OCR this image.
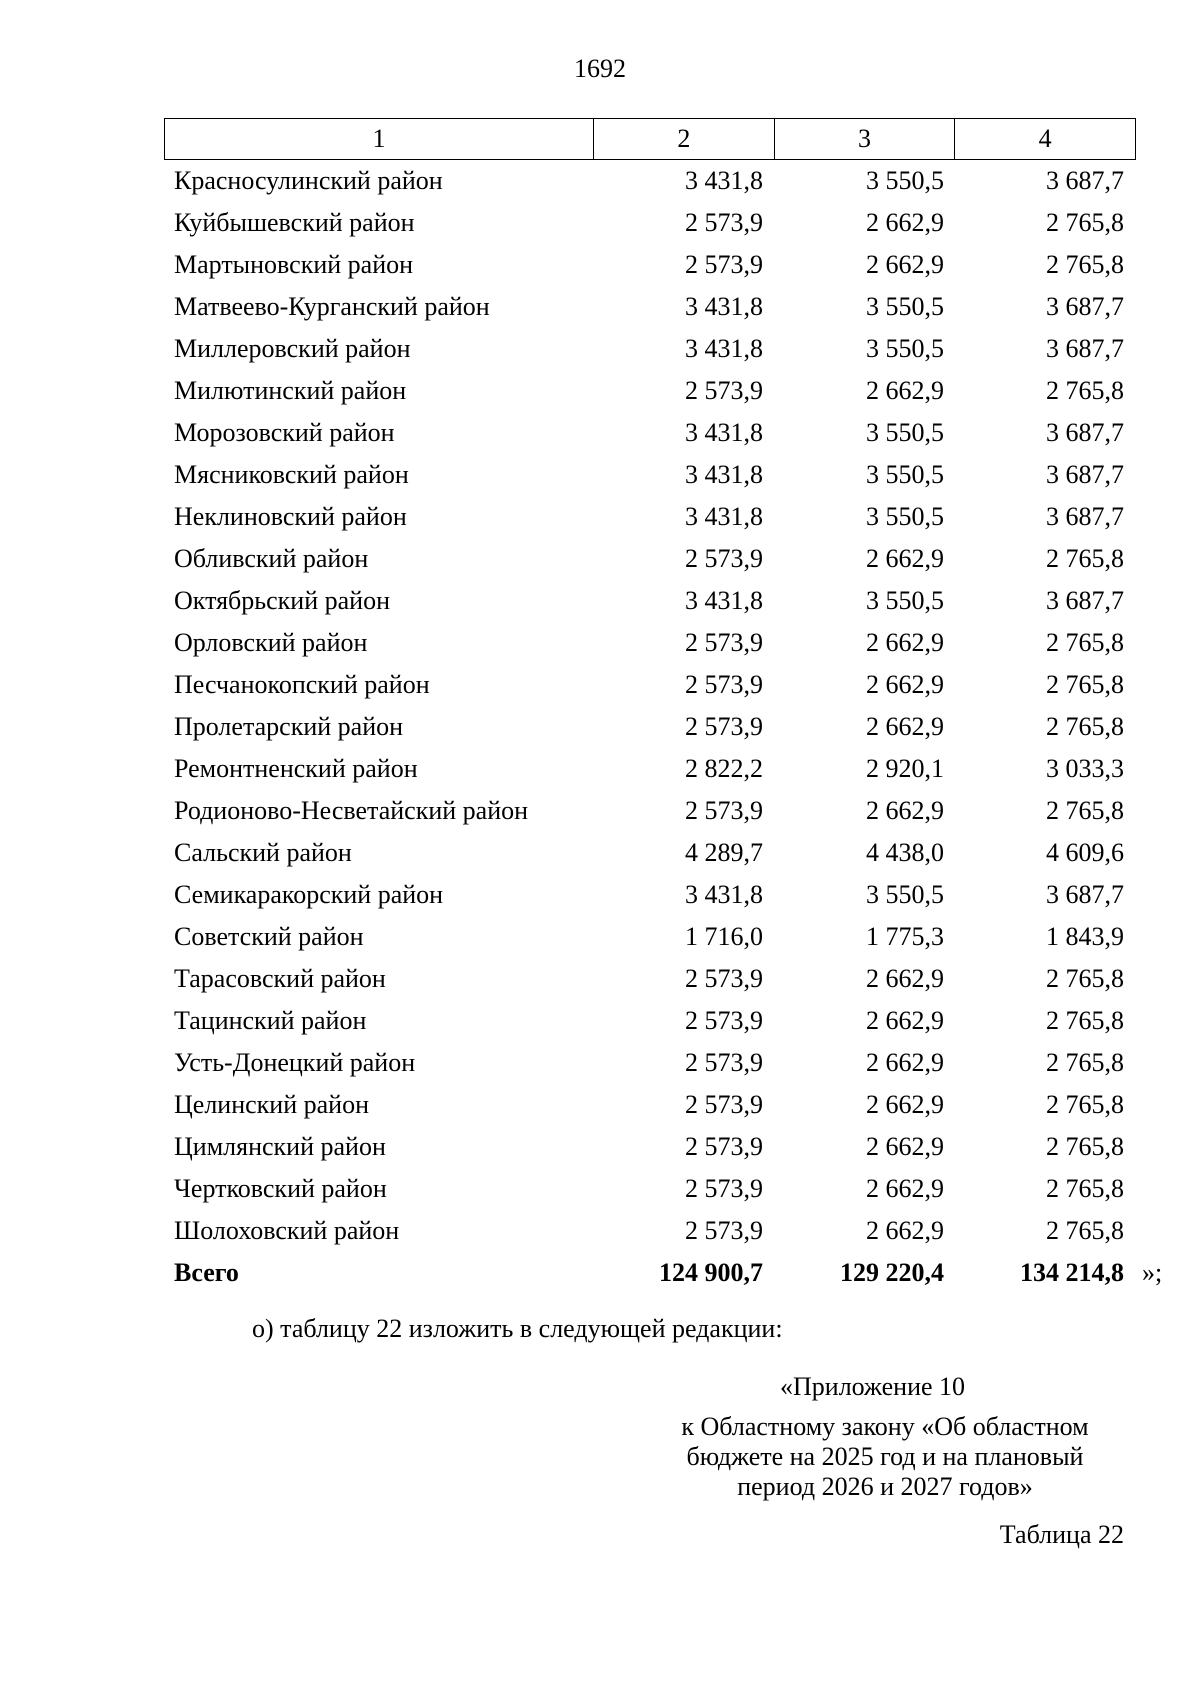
1692
1	2	3	4
Красносулинский район	3 431,8	3 550,5	3 687,7
Куйбышевский район	2 573,9	2 662,9	2 765,8
Мартыновский район	2 573,9	2 662,9	2 765,8
Матвеево-Курганский район	3 431,8	3 550,5	3 687,7
Миллеровский район	3 431,8	3 550,5	3 687,7
Милютинский район	2 573,9	2 662,9	2 765,8
Морозовский район	3 431,8	3 550,5	3 687,7
Мясниковский район	3 431,8	3 550,5	3 687,7
Неклиновский район	3 431,8	3 550,5	3 687,7
Обливский район	2 573,9	2 662,9	2 765,8
Октябрьский район	3 431,8	3 550,5	3 687,7
Орловский район	2 573,9	2 662,9	2 765,8
Песчанокопский район	2 573,9	2 662,9	2 765,8
Пролетарский район	2 573,9	2 662,9	2 765,8
Ремонтненский район	2 822,2	2 920,1	3 033,3
Родионово-Несветайский район	2 573,9	2 662,9	2 765,8
Сальский район	4 289,7	4 438,0	4 609,6
Семикаракорский район	3 431,8	3 550,5	3 687,7
Советский район	1 716,0	1 775,3	1 843,9
Тарасовский район	2 573,9	2 662,9	2 765,8
Тацинский район	2 573,9	2 662,9	2 765,8
Усть-Донецкий район	2 573,9	2 662,9	2 765,8
Целинский район	2 573,9	2 662,9	2 765,8
Цимлянский район	2 573,9	2 662,9	2 765,8
Чертковский район	2 573,9	2 662,9	2 765,8
Шолоховский район	2 573,9	2 662,9	2 765,8
Всего	124 900,7	129 220,4	134 214,8 »;
о) таблицу 22 изложить в следующей редакции:
«Приложение 10
к Областному закону «Об областном
бюджете на 2025 год и на плановый
период 2026 и 2027 годов»
Таблица 22
